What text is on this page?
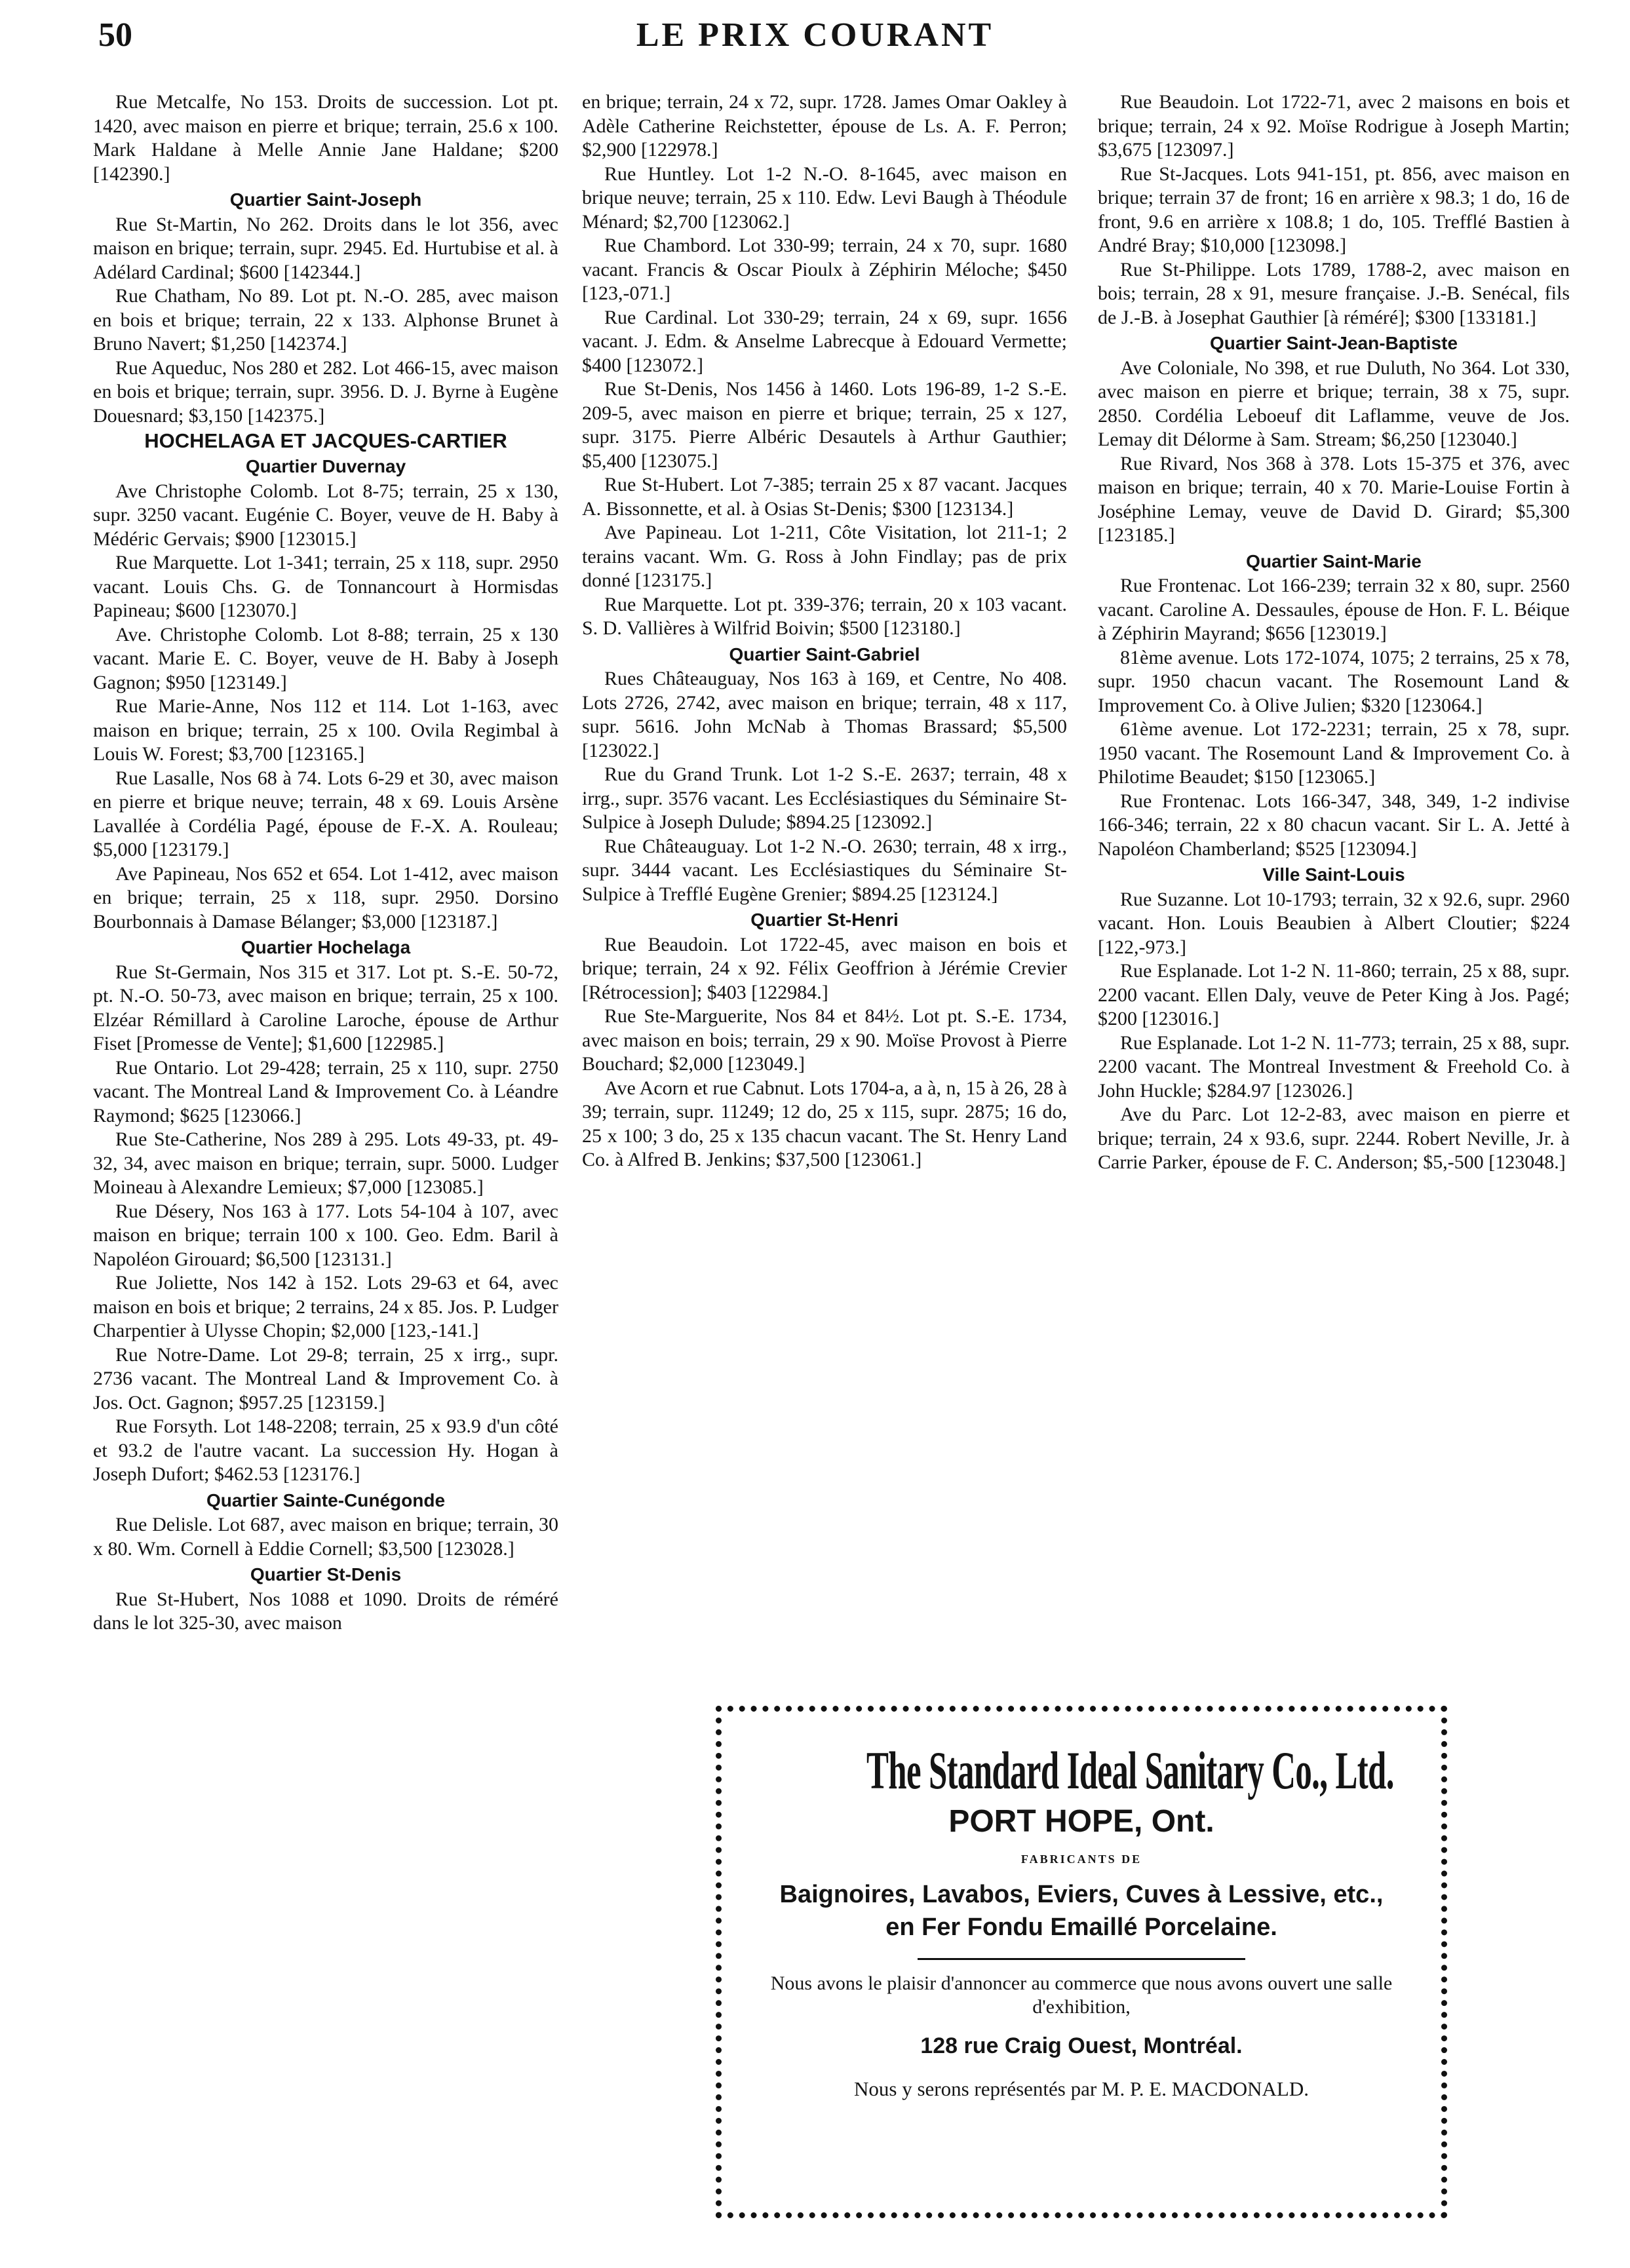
50	LE PRIX COURANT
Rue Metcalfe, No 153. Droits de succession. Lot pt. 1420, avec maison en pierre et brique; terrain, 25.6 x 100. Mark Haldane à Melle Annie Jane Haldane; $200 [142390.]
Quartier Saint-Joseph
Rue St-Martin, No 262. Droits dans le lot 356, avec maison en brique; terrain, supr. 2945. Ed. Hurtubise et al. à Adélard Cardinal; $600 [142344.]
Rue Chatham, No 89. Lot pt. N.-O. 285, avec maison en bois et brique; terrain, 22 x 133. Alphonse Brunet à Bruno Navert; $1,250 [142374.]
Rue Aqueduc, Nos 280 et 282. Lot 466-15, avec maison en bois et brique; terrain, supr. 3956. D. J. Byrne à Eugène Douesnard; $3,150 [142375.]
HOCHELAGA ET JACQUES-CARTIER
Quartier Duvernay
Ave Christophe Colomb. Lot 8-75; terrain, 25 x 130, supr. 3250 vacant. Eugénie C. Boyer, veuve de H. Baby à Médéric Gervais; $900 [123015.]
Rue Marquette. Lot 1-341; terrain, 25 x 118, supr. 2950 vacant. Louis Chs. G. de Tonnancourt à Hormisdas Papineau; $600 [123070.]
Ave. Christophe Colomb. Lot 8-88; terrain, 25 x 130 vacant. Marie E. C. Boyer, veuve de H. Baby à Joseph Gagnon; $950 [123149.]
Rue Marie-Anne, Nos 112 et 114. Lot 1-163, avec maison en brique; terrain, 25 x 100. Ovila Regimbal à Louis W. Forest; $3,700 [123165.]
Rue Lasalle, Nos 68 à 74. Lots 6-29 et 30, avec maison en pierre et brique neuve; terrain, 48 x 69. Louis Arsène Lavallée à Cordélia Pagé, épouse de F.-X. A. Rouleau; $5,000 [123179.]
Ave Papineau, Nos 652 et 654. Lot 1-412, avec maison en brique; terrain, 25 x 118, supr. 2950. Dorsino Bourbonnais à Damase Bélanger; $3,000 [123187.]
Quartier Hochelaga
Rue St-Germain, Nos 315 et 317. Lot pt. S.-E. 50-72, pt. N.-O. 50-73, avec maison en brique; terrain, 25 x 100. Elzéar Rémillard à Caroline Laroche, épouse de Arthur Fiset [Promesse de Vente]; $1,600 [122985.]
Rue Ontario. Lot 29-428; terrain, 25 x 110, supr. 2750 vacant. The Montreal Land & Improvement Co. à Léandre Raymond; $625 [123066.]
Rue Ste-Catherine, Nos 289 à 295. Lots 49-33, pt. 49-32, 34, avec maison en brique; terrain, supr. 5000. Ludger Moineau à Alexandre Lemieux; $7,000 [123085.]
Rue Désery, Nos 163 à 177. Lots 54-104 à 107, avec maison en brique; terrain 100 x 100. Geo. Edm. Baril à Napoléon Girouard; $6,500 [123131.]
Rue Joliette, Nos 142 à 152. Lots 29-63 et 64, avec maison en bois et brique; 2 terrains, 24 x 85. Jos. P. Ludger Charpentier à Ulysse Chopin; $2,000 [123,-141.]
Rue Notre-Dame. Lot 29-8; terrain, 25 x irrg., supr. 2736 vacant. The Montreal Land & Improvement Co. à Jos. Oct. Gagnon; $957.25 [123159.]
Rue Forsyth. Lot 148-2208; terrain, 25 x 93.9 d'un côté et 93.2 de l'autre vacant. La succession Hy. Hogan à Joseph Dufort; $462.53 [123176.]
Quartier Sainte-Cunégonde
Rue Delisle. Lot 687, avec maison en brique; terrain, 30 x 80. Wm. Cornell à Eddie Cornell; $3,500 [123028.]
Quartier St-Denis
Rue St-Hubert, Nos 1088 et 1090. Droits de réméré dans le lot 325-30, avec maison
en brique; terrain, 24 x 72, supr. 1728. James Omar Oakley à Adèle Catherine Reichstetter, épouse de Ls. A. F. Perron; $2,900 [122978.]
Rue Huntley. Lot 1-2 N.-O. 8-1645, avec maison en brique neuve; terrain, 25 x 110. Edw. Levi Baugh à Théodule Ménard; $2,700 [123062.]
Rue Chambord. Lot 330-99; terrain, 24 x 70, supr. 1680 vacant. Francis & Oscar Pioulx à Zéphirin Méloche; $450 [123,-071.]
Rue Cardinal. Lot 330-29; terrain, 24 x 69, supr. 1656 vacant. J. Edm. & Anselme Labrecque à Edouard Vermette; $400 [123072.]
Rue St-Denis, Nos 1456 à 1460. Lots 196-89, 1-2 S.-E. 209-5, avec maison en pierre et brique; terrain, 25 x 127, supr. 3175. Pierre Albéric Desautels à Arthur Gauthier; $5,400 [123075.]
Rue St-Hubert. Lot 7-385; terrain 25 x 87 vacant. Jacques A. Bissonnette, et al. à Osias St-Denis; $300 [123134.]
Ave Papineau. Lot 1-211, Côte Visitation, lot 211-1; 2 terains vacant. Wm. G. Ross à John Findlay; pas de prix donné [123175.]
Rue Marquette. Lot pt. 339-376; terrain, 20 x 103 vacant. S. D. Vallières à Wilfrid Boivin; $500 [123180.]
Quartier Saint-Gabriel
Rues Châteauguay, Nos 163 à 169, et Centre, No 408. Lots 2726, 2742, avec maison en brique; terrain, 48 x 117, supr. 5616. John McNab à Thomas Brassard; $5,500 [123022.]
Rue du Grand Trunk. Lot 1-2 S.-E. 2637; terrain, 48 x irrg., supr. 3576 vacant. Les Ecclésiastiques du Séminaire St-Sulpice à Joseph Dulude; $894.25 [123092.]
Rue Châteauguay. Lot 1-2 N.-O. 2630; terrain, 48 x irrg., supr. 3444 vacant. Les Ecclésiastiques du Séminaire St-Sulpice à Trefflé Eugène Grenier; $894.25 [123124.]
Quartier St-Henri
Rue Beaudoin. Lot 1722-45, avec maison en bois et brique; terrain, 24 x 92. Félix Geoffrion à Jérémie Crevier [Rétrocession]; $403 [122984.]
Rue Ste-Marguerite, Nos 84 et 84½. Lot pt. S.-E. 1734, avec maison en bois; terrain, 29 x 90. Moïse Provost à Pierre Bouchard; $2,000 [123049.]
Ave Acorn et rue Cabnut. Lots 1704-a, a à, n, 15 à 26, 28 à 39; terrain, supr. 11249; 12 do, 25 x 115, supr. 2875; 16 do, 25 x 100; 3 do, 25 x 135 chacun vacant. The St. Henry Land Co. à Alfred B. Jenkins; $37,500 [123061.]
Rue Beaudoin. Lot 1722-71, avec 2 maisons en bois et brique; terrain, 24 x 92. Moïse Rodrigue à Joseph Martin; $3,675 [123097.]
Rue St-Jacques. Lots 941-151, pt. 856, avec maison en brique; terrain 37 de front; 16 en arrière x 98.3; 1 do, 16 de front, 9.6 en arrière x 108.8; 1 do, 105. Trefflé Bastien à André Bray; $10,000 [123098.]
Rue St-Philippe. Lots 1789, 1788-2, avec maison en bois; terrain, 28 x 91, mesure française. J.-B. Senécal, fils de J.-B. à Josephat Gauthier [à réméré]; $300 [133181.]
Quartier Saint-Jean-Baptiste
Ave Coloniale, No 398, et rue Duluth, No 364. Lot 330, avec maison en pierre et brique; terrain, 38 x 75, supr. 2850. Cordélia Leboeuf dit Laflamme, veuve de Jos. Lemay dit Délorme à Sam. Stream; $6,250 [123040.]
Rue Rivard, Nos 368 à 378. Lots 15-375 et 376, avec maison en brique; terrain, 40 x 70. Marie-Louise Fortin à Joséphine Lemay, veuve de David D. Girard; $5,300 [123185.]
Quartier Saint-Marie
Rue Frontenac. Lot 166-239; terrain 32 x 80, supr. 2560 vacant. Caroline A. Dessaules, épouse de Hon. F. L. Béique à Zéphirin Mayrand; $656 [123019.]
81ème avenue. Lots 172-1074, 1075; 2 terrains, 25 x 78, supr. 1950 chacun vacant. The Rosemount Land & Improvement Co. à Olive Julien; $320 [123064.]
61ème avenue. Lot 172-2231; terrain, 25 x 78, supr. 1950 vacant. The Rosemount Land & Improvement Co. à Philotime Beaudet; $150 [123065.]
Rue Frontenac. Lots 166-347, 348, 349, 1-2 indivise 166-346; terrain, 22 x 80 chacun vacant. Sir L. A. Jetté à Napoléon Chamberland; $525 [123094.]
Ville Saint-Louis
Rue Suzanne. Lot 10-1793; terrain, 32 x 92.6, supr. 2960 vacant. Hon. Louis Beaubien à Albert Cloutier; $224 [122,-973.]
Rue Esplanade. Lot 1-2 N. 11-860; terrain, 25 x 88, supr. 2200 vacant. Ellen Daly, veuve de Peter King à Jos. Pagé; $200 [123016.]
Rue Esplanade. Lot 1-2 N. 11-773; terrain, 25 x 88, supr. 2200 vacant. The Montreal Investment & Freehold Co. à John Huckle; $284.97 [123026.]
Ave du Parc. Lot 12-2-83, avec maison en pierre et brique; terrain, 24 x 93.6, supr. 2244. Robert Neville, Jr. à Carrie Parker, épouse de F. C. Anderson; $5,-500 [123048.]
The Standard Ideal Sanitary Co., Ltd.
PORT HOPE, Ont.
FABRICANTS DE
Baignoires, Lavabos, Eviers, Cuves à Lessive, etc.,
en Fer Fondu Emaillé Porcelaine.
Nous avons le plaisir d'annoncer au commerce que nous avons ouvert une salle d'exhibition,
128 rue Craig Ouest, Montréal.
Nous y serons représentés par M. P. E. MACDONALD.
